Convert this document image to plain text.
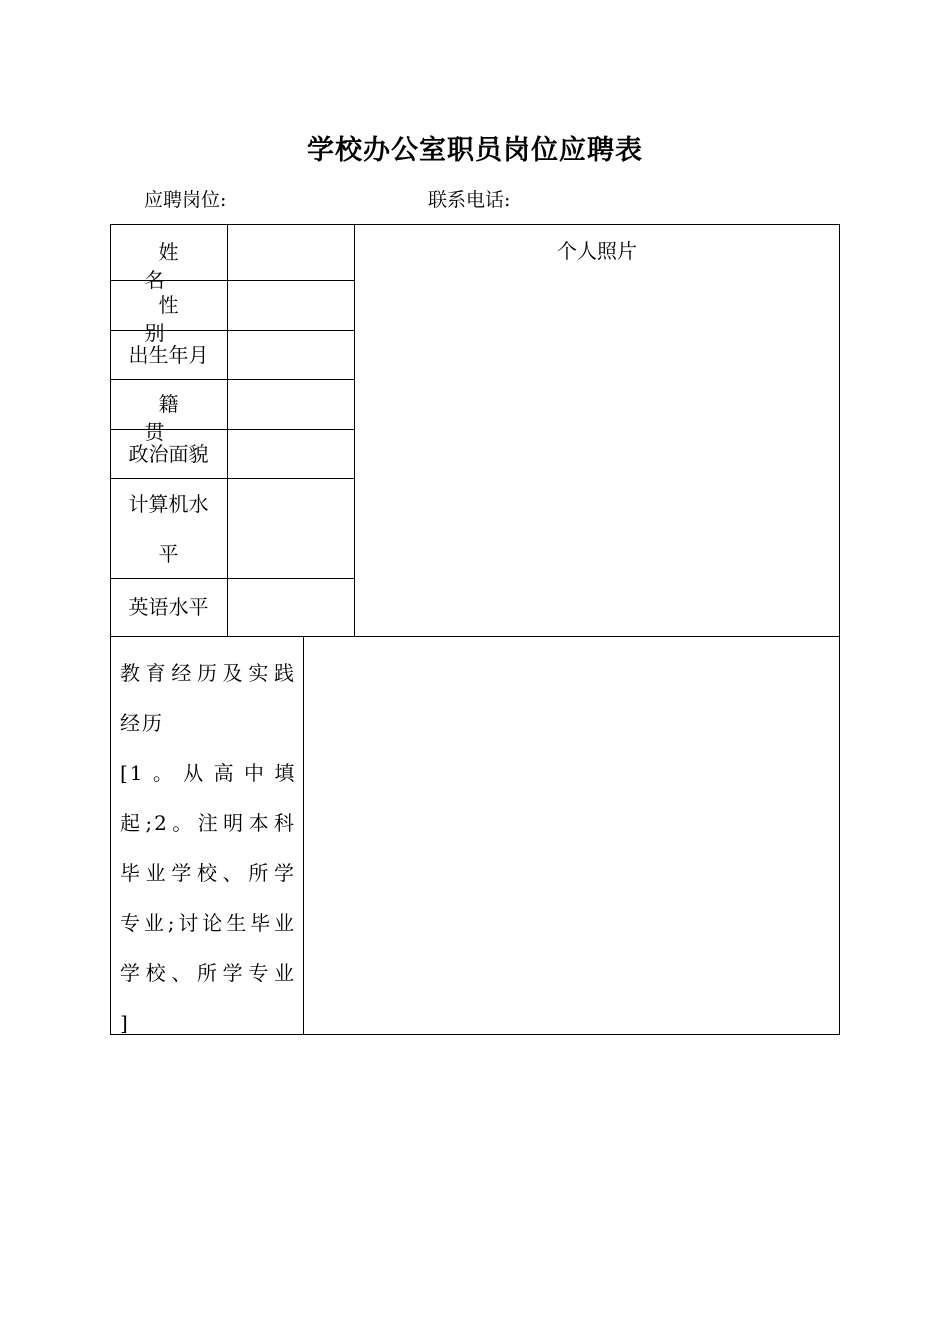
学校办公室职员岗位应聘表
应聘岗位:	联系电话:
姓 名
性 别
出生年月
籍 贯
政治面貌
计算机水
平
英语水平
个人照片
教育经历及实践
经历
[1 。 从 高 中 填
起;2。注明本科
毕业学校、所学
专业;讨论生毕业
学校、所学专业
]
